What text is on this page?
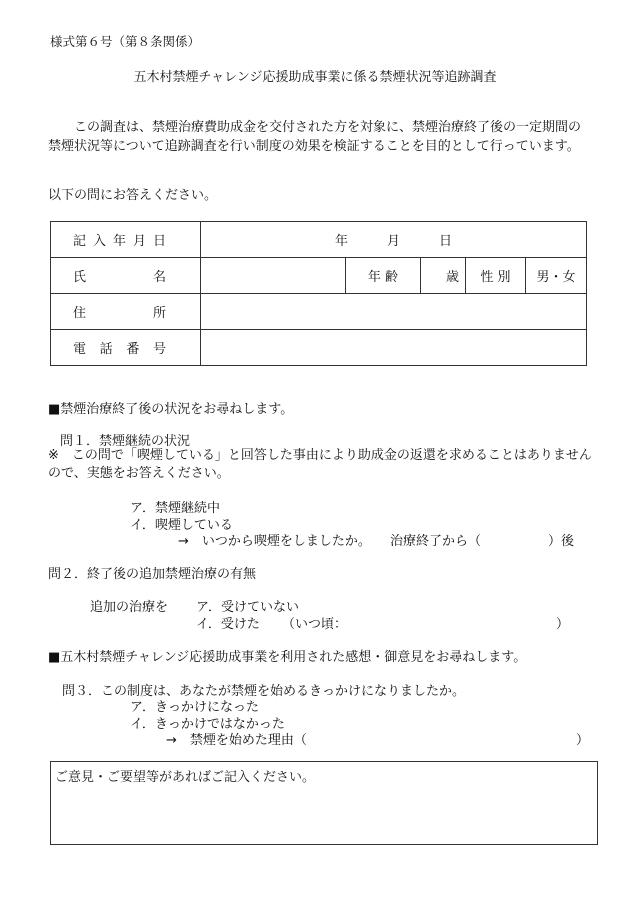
様式第６号（第８条関係）
五木村禁煙チャレンジ応援助成事業に係る禁煙状況等追跡調査
この調査は、禁煙治療費助成金を交付された方を対象に、禁煙治療終了後の一定期間の禁煙状況等について追跡調査を行い制度の効果を検証することを目的として行っています。
以下の問にお答えください。
記 入 年 月 日	年　　　月　　　日				

氏 名		年 齢	歳	性 別	男・女

住 所					

電 話 番 号					

■禁煙治療終了後の状況をお尋ねします。
問１．禁煙継続の状況
※　この問で「喫煙している」と回答した事由により助成金の返還を求めることはありませんので、実態をお答えください。
ア．禁煙継続中
イ．喫煙している
→　いつから喫煙をしましたか。 治療終了から（	）後
問２．終了後の追加禁煙治療の有無
追加の治療を ア．受けていない
イ．受けた （いつ頃：	）
■五木村禁煙チャレンジ応援助成事業を利用された感想・御意見をお尋ねします。
問３．この制度は、あなたが禁煙を始めるきっかけになりましたか。
ア．きっかけになった
イ．きっかけではなかった
→　禁煙を始めた理由（	）
ご意見・ご要望等があればご記入ください。
